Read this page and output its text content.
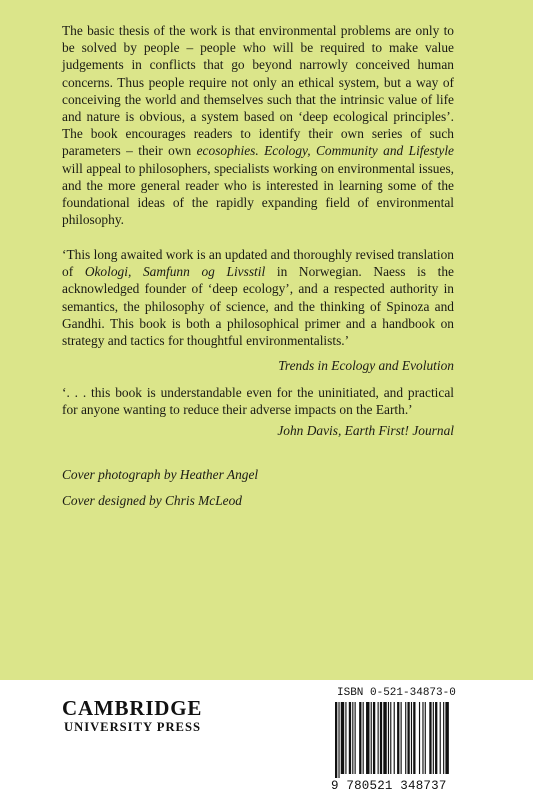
The basic thesis of the work is that environmental problems are only to be solved by people – people who will be required to make value judgements in conflicts that go beyond narrowly conceived human concerns. Thus people require not only an ethical system, but a way of conceiving the world and themselves such that the intrinsic value of life and nature is obvious, a system based on ‘deep ecological principles’. The book encourages readers to identify their own series of such parameters – their own ecosophies. Ecology, Community and Lifestyle will appeal to philosophers, specialists working on environmental issues, and the more general reader who is interested in learning some of the foundational ideas of the rapidly expanding field of environmental philosophy.

‘This long awaited work is an updated and thoroughly revised translation of Okologi, Samfunn og Livsstil in Norwegian. Naess is the acknowledged founder of ‘deep ecology’, and a respected authority in semantics, the philosophy of science, and the thinking of Spinoza and Gandhi. This book is both a philosophical primer and a handbook on strategy and tactics for thoughtful environmentalists.’

Trends in Ecology and Evolution

‘. . . this book is understandable even for the uninitiated, and practical for anyone wanting to reduce their adverse impacts on the Earth.’

John Davis, Earth First! Journal

Cover photograph by Heather Angel

Cover designed by Chris McLeod

CAMBRIDGE
UNIVERSITY PRESS
ISBN 0-521-34873-0
9 780521 348737
